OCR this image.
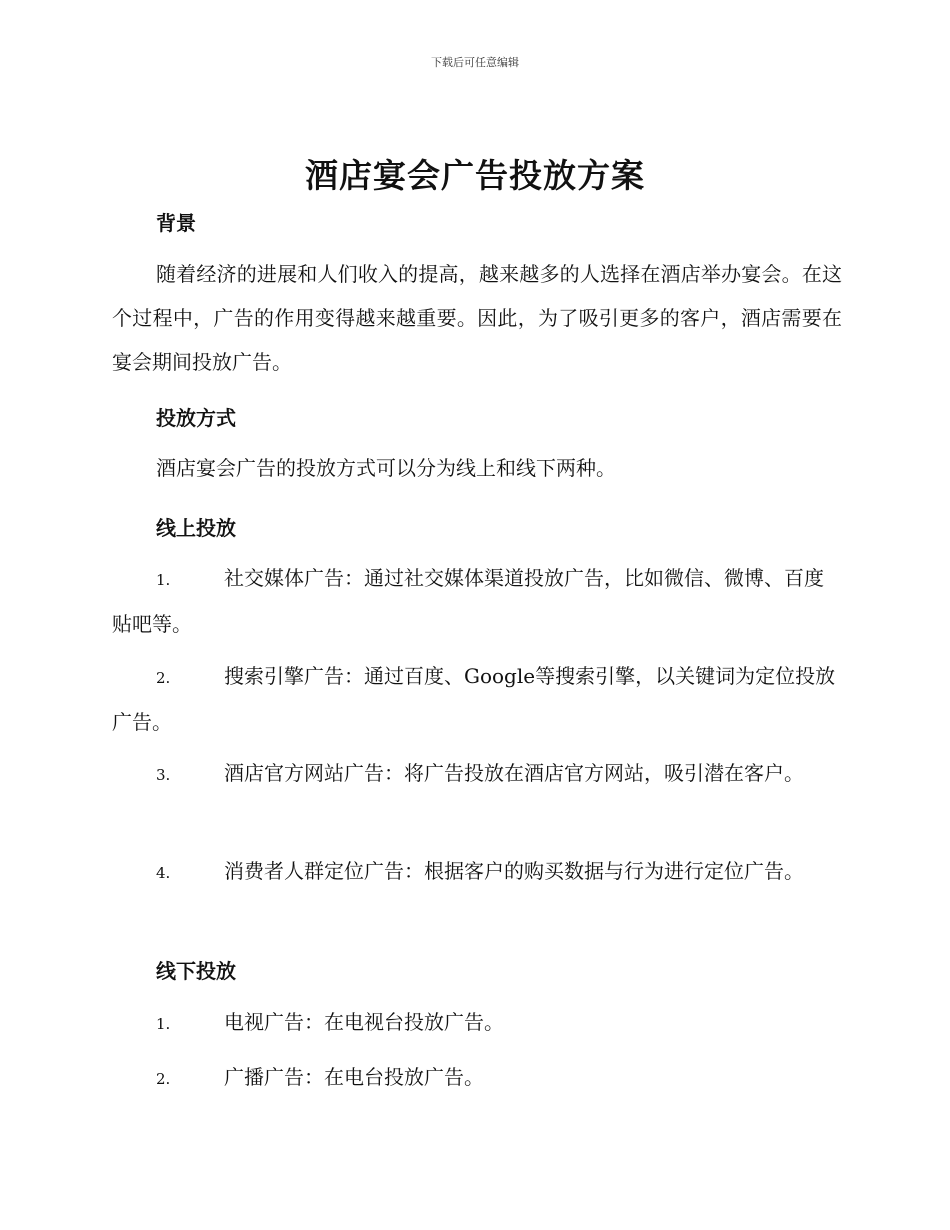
下载后可任意编辑
酒店宴会广告投放方案
背景

随着经济的进展和人们收入的提高，越来越多的人选择在酒店举办宴会。在这个过程中，广告的作用变得越来越重要。因此，为了吸引更多的客户，酒店需要在宴会期间投放广告。

投放方式

酒店宴会广告的投放方式可以分为线上和线下两种。

线上投放

1.	社交媒体广告：通过社交媒体渠道投放广告，比如微信、微博、百度贴吧等。

2.	搜索引擎广告：通过百度、Google等搜索引擎，以关键词为定位投放广告。

3.	酒店官方网站广告：将广告投放在酒店官方网站，吸引潜在客户。

4.	消费者人群定位广告：根据客户的购买数据与行为进行定位广告。

线下投放

1.	电视广告：在电视台投放广告。

2.	广播广告：在电台投放广告。
